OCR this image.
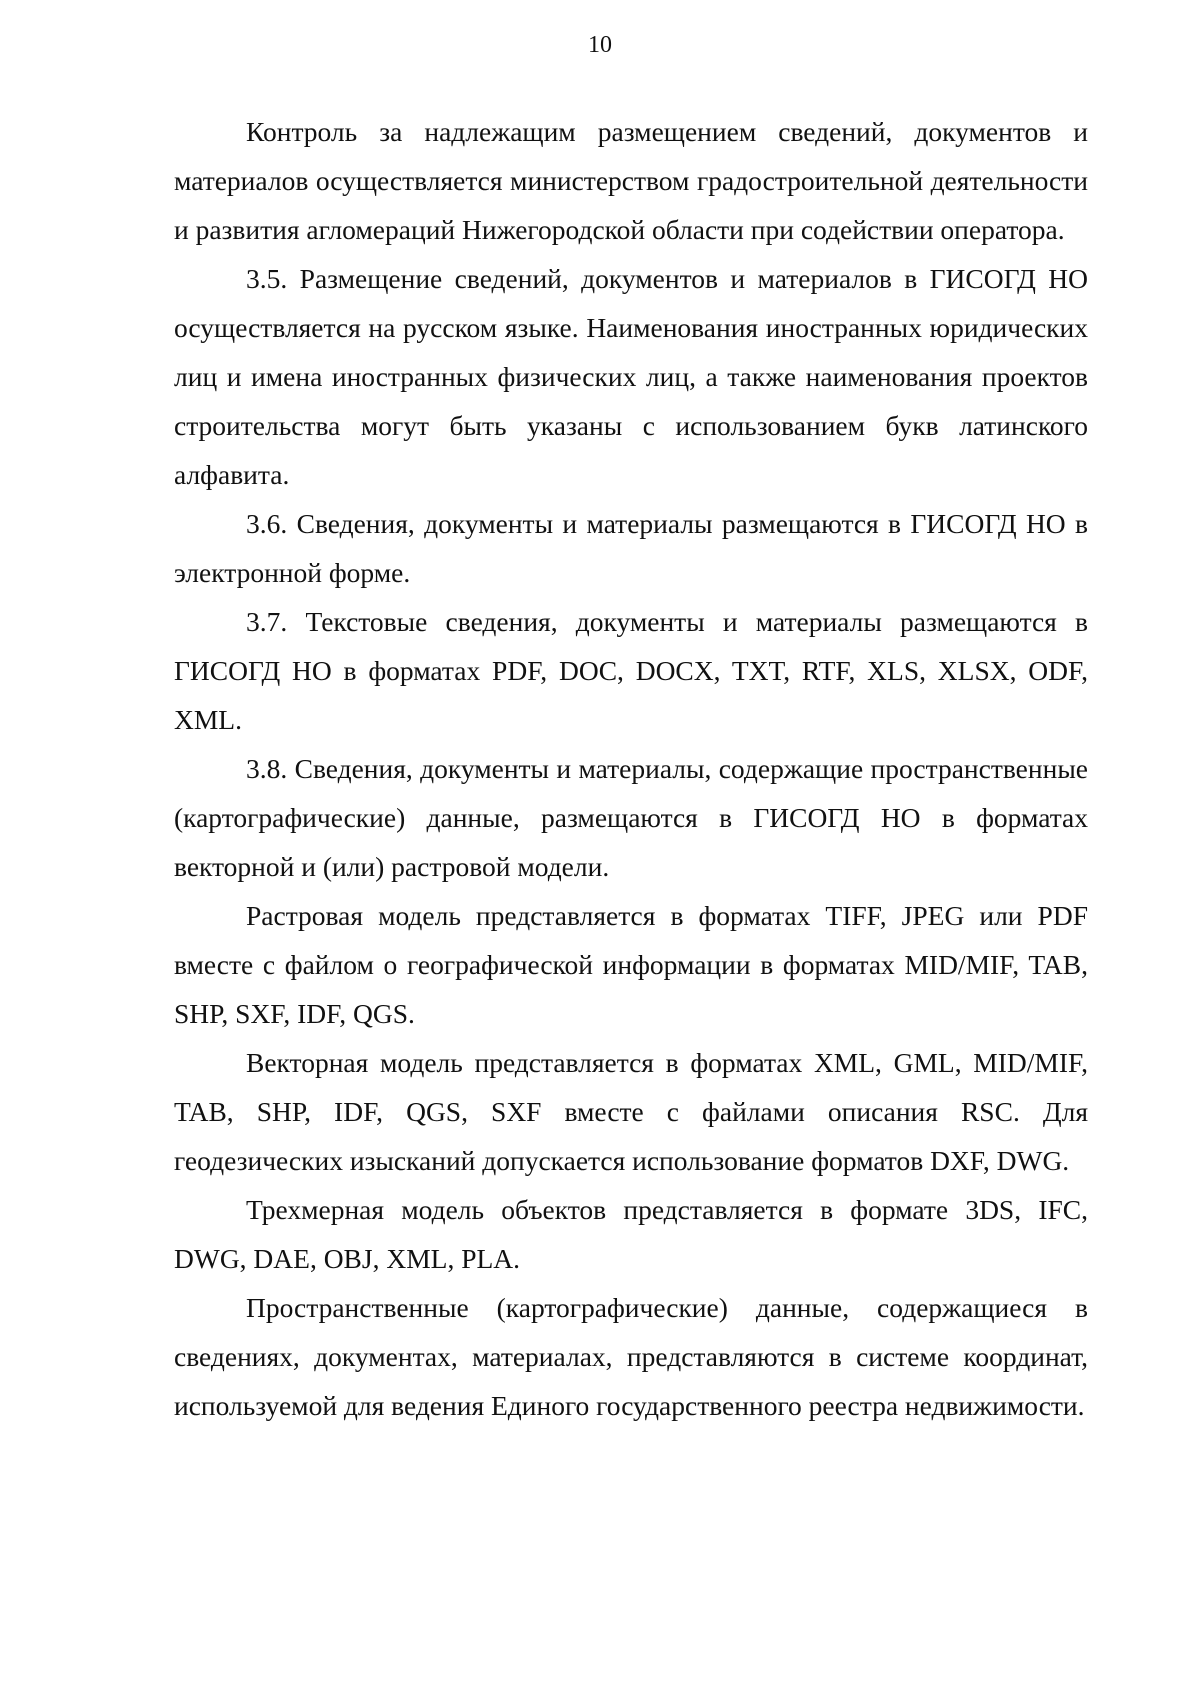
10

Контроль за надлежащим размещением сведений, документов и материалов осуществляется министерством градостроительной деятельности и развития агломераций Нижегородской области при содействии оператора.

3.5. Размещение сведений, документов и материалов в ГИСОГД НО осуществляется на русском языке. Наименования иностранных юридических лиц и имена иностранных физических лиц, а также наименования проектов строительства могут быть указаны с использованием букв латинского алфавита.

3.6. Сведения, документы и материалы размещаются в ГИСОГД НО в электронной форме.

3.7. Текстовые сведения, документы и материалы размещаются в ГИСОГД НО в форматах PDF, DOC, DOCX, TXT, RTF, XLS, XLSX, ODF, XML.

3.8. Сведения, документы и материалы, содержащие пространственные (картографические) данные, размещаются в ГИСОГД НО в форматах векторной и (или) растровой модели.

Растровая модель представляется в форматах TIFF, JPEG или PDF вместе с файлом о географической информации в форматах MID/MIF, TAB, SHP, SXF, IDF, QGS.

Векторная модель представляется в форматах XML, GML, MID/MIF, TAB, SHP, IDF, QGS, SXF вместе с файлами описания RSC. Для геодезических изысканий допускается использование форматов DXF, DWG.

Трехмерная модель объектов представляется в формате 3DS, IFC, DWG, DAE, OBJ, XML, PLA.

Пространственные (картографические) данные, содержащиеся в сведениях, документах, материалах, представляются в системе координат, используемой для ведения Единого государственного реестра недвижимости.
